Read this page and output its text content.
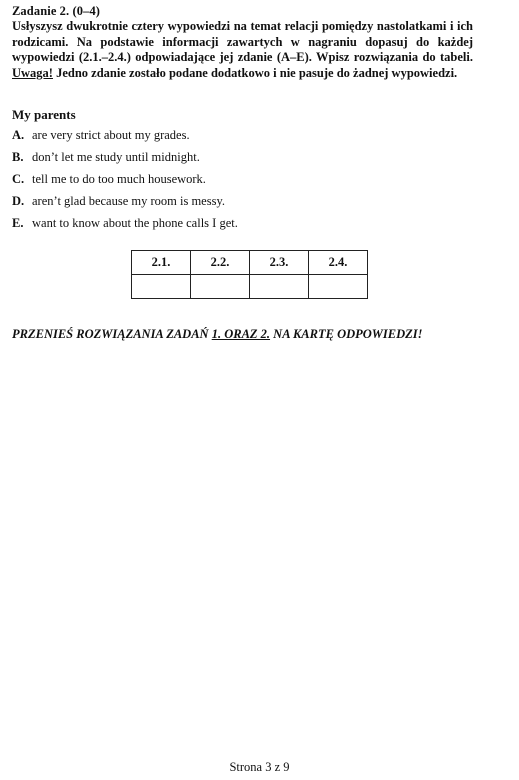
Zadanie 2. (0–4)
Usłyszysz dwukrotnie cztery wypowiedzi na temat relacji pomiędzy nastolatkami i ich
rodzicami. Na podstawie informacji zawartych w nagraniu dopasuj do każdej
wypowiedzi (2.1.–2.4.) odpowiadające jej zdanie (A–E). Wpisz rozwiązania do tabeli.
Uwaga! Jedno zdanie zostało podane dodatkowo i nie pasuje do żadnej wypowiedzi.
My parents
A. are very strict about my grades.
B. don’t let me study until midnight.
C. tell me to do too much housework.
D. aren’t glad because my room is messy.
E. want to know about the phone calls I get.
2.1.	2.2.	2.3.	2.4.

PRZENIEŚ ROZWIĄZANIA ZADAŃ 1. ORAZ 2. NA KARTĘ ODPOWIEDZI!
Strona 3 z 9
